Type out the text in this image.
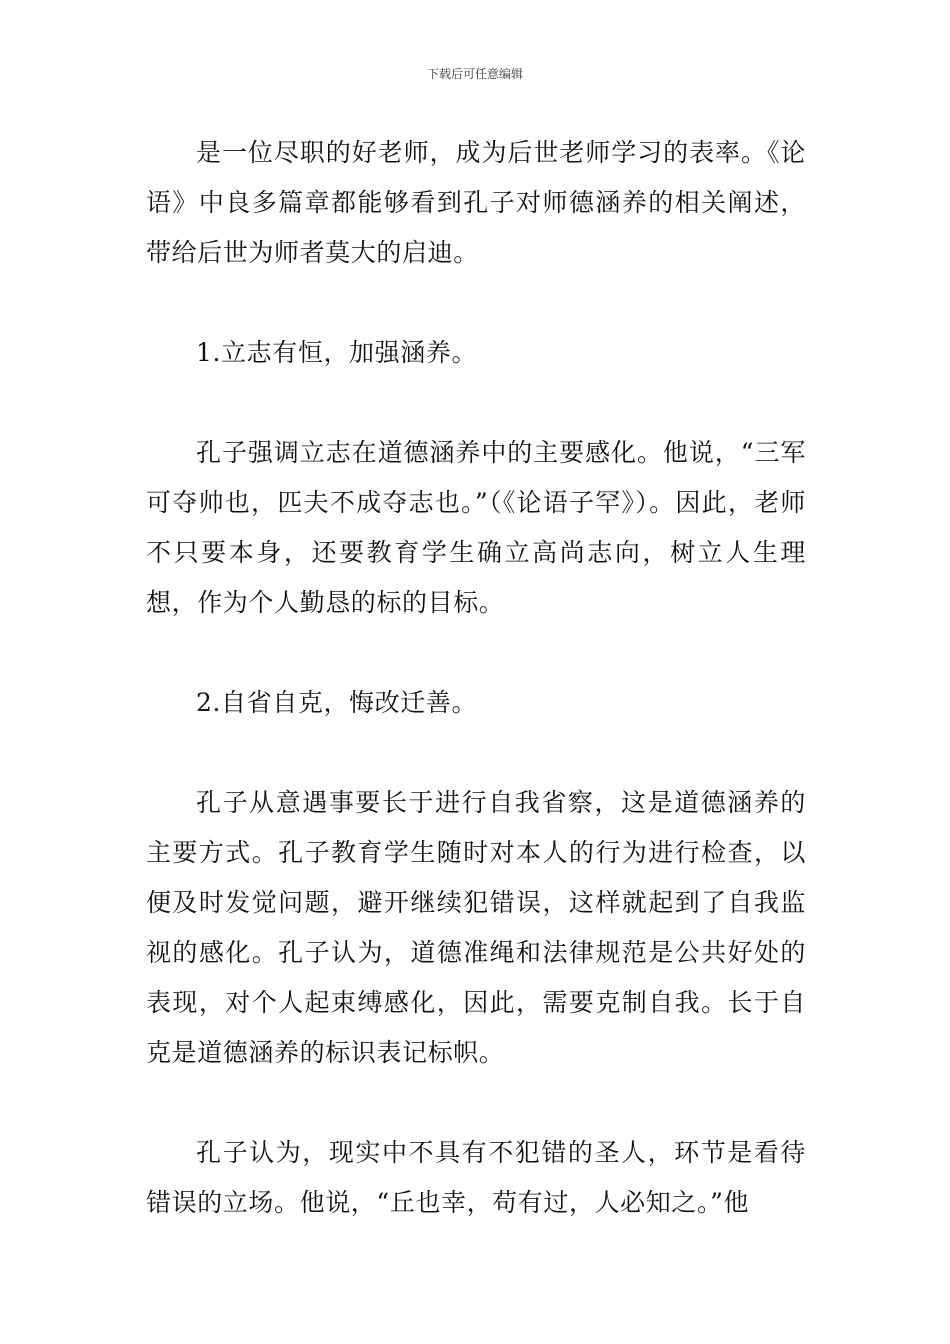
下载后可任意编辑

是一位尽职的好老师，成为后世老师学习的表率。《论语》中良多篇章都能够看到孔子对师德涵养的相关阐述，带给后世为师者莫大的启迪。

1.立志有恒，加强涵养。

孔子强调立志在道德涵养中的主要感化。他说，“三军可夺帅也，匹夫不成夺志也。”（《论语子罕》）。因此，老师不只要本身，还要教育学生确立高尚志向，树立人生理想，作为个人勤恳的标的目标。

2.自省自克，悔改迁善。

孔子从意遇事要长于进行自我省察，这是道德涵养的主要方式。孔子教育学生随时对本人的行为进行检查，以便及时发觉问题，避开继续犯错误，这样就起到了自我监视的感化。孔子认为，道德准绳和法律规范是公共好处的表现，对个人起束缚感化，因此，需要克制自我。长于自克是道德涵养的标识表记标帜。

孔子认为，现实中不具有不犯错的圣人，环节是看待错误的立场。他说，“丘也幸，苟有过，人必知之。”他
